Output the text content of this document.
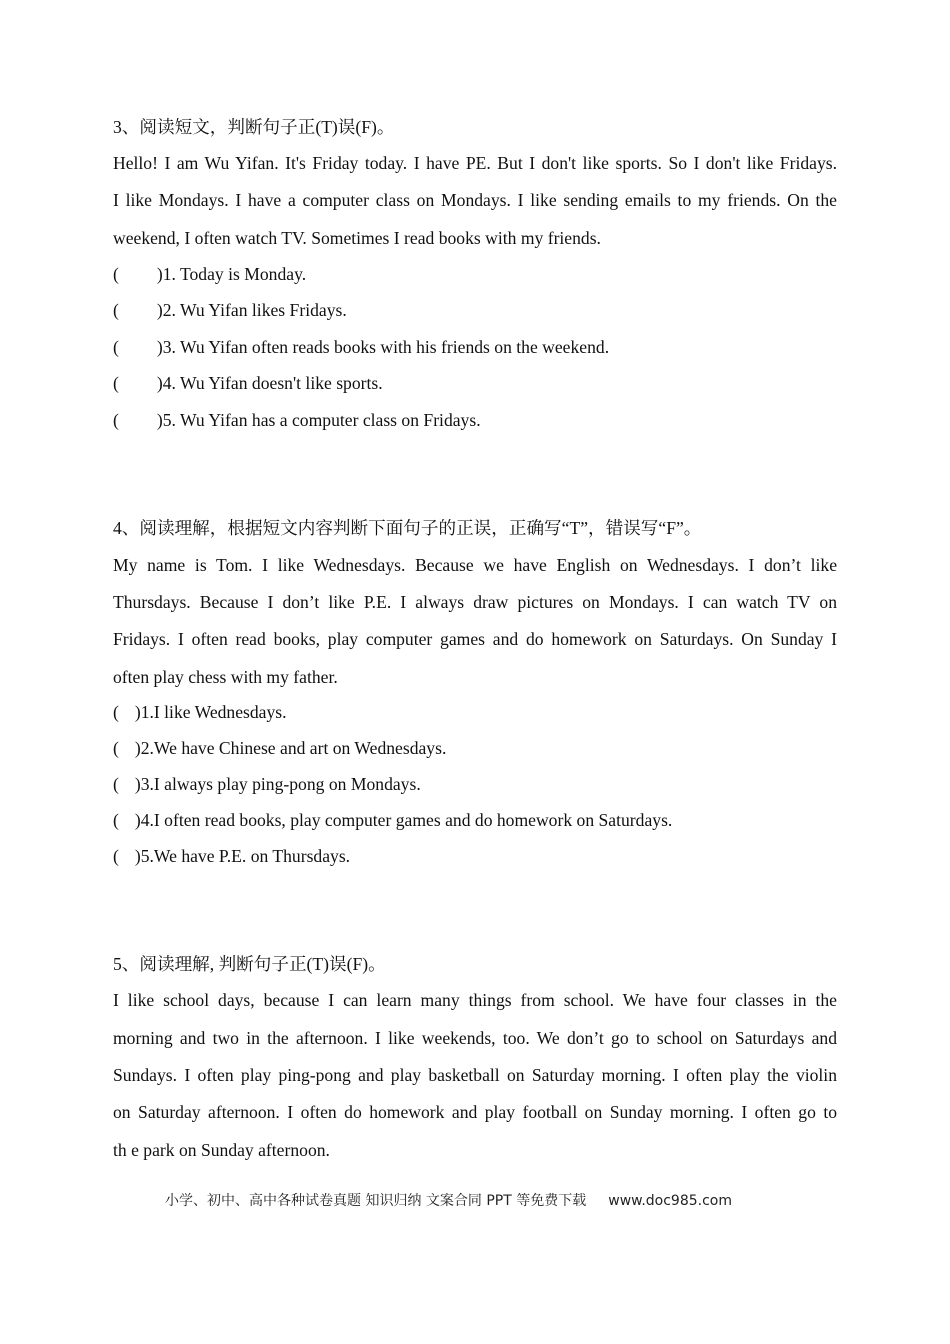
3、阅读短文，判断句子正(T)误(F)。
Hello! I am Wu Yifan. It's Friday today. I have PE. But I don't like sports. So I don't like Fridays.
I like Mondays. I have a computer class on Mondays. I like sending emails to my friends. On the
weekend, I often watch TV. Sometimes I read books with my friends.
( )1. Today is Monday.
( )2. Wu Yifan likes Fridays.
( )3. Wu Yifan often reads books with his friends on the weekend.
( )4. Wu Yifan doesn't like sports.
( )5. Wu Yifan has a computer class on Fridays.
4、阅读理解，根据短文内容判断下面句子的正误，正确写“T”，错误写“F”。
My name is Tom. I like Wednesdays. Because we have English on Wednesdays. I don’t like
Thursdays. Because I don’t like P.E. I always draw pictures on Mondays. I can watch TV on
Fridays. I often read books, play computer games and do homework on Saturdays. On Sunday I
often play chess with my father.
( )1.I like Wednesdays.
( )2.We have Chinese and art on Wednesdays.
( )3.I always play ping-pong on Mondays.
( )4.I often read books, play computer games and do homework on Saturdays.
( )5.We have P.E. on Thursdays.
5、阅读理解, 判断句子正(T)误(F)。
I like school days, because I can learn many things from school. We have four classes in the
morning and two in the afternoon. I like weekends, too. We don’t go to school on Saturdays and
Sundays. I often play ping-pong and play basketball on Saturday morning. I often play the violin
on Saturday afternoon. I often do homework and play football on Sunday morning. I often go to
th e park on Sunday afternoon.
小学、初中、高中各种试卷真题 知识归纳 文案合同 PPT 等免费下载 www.doc985.com
